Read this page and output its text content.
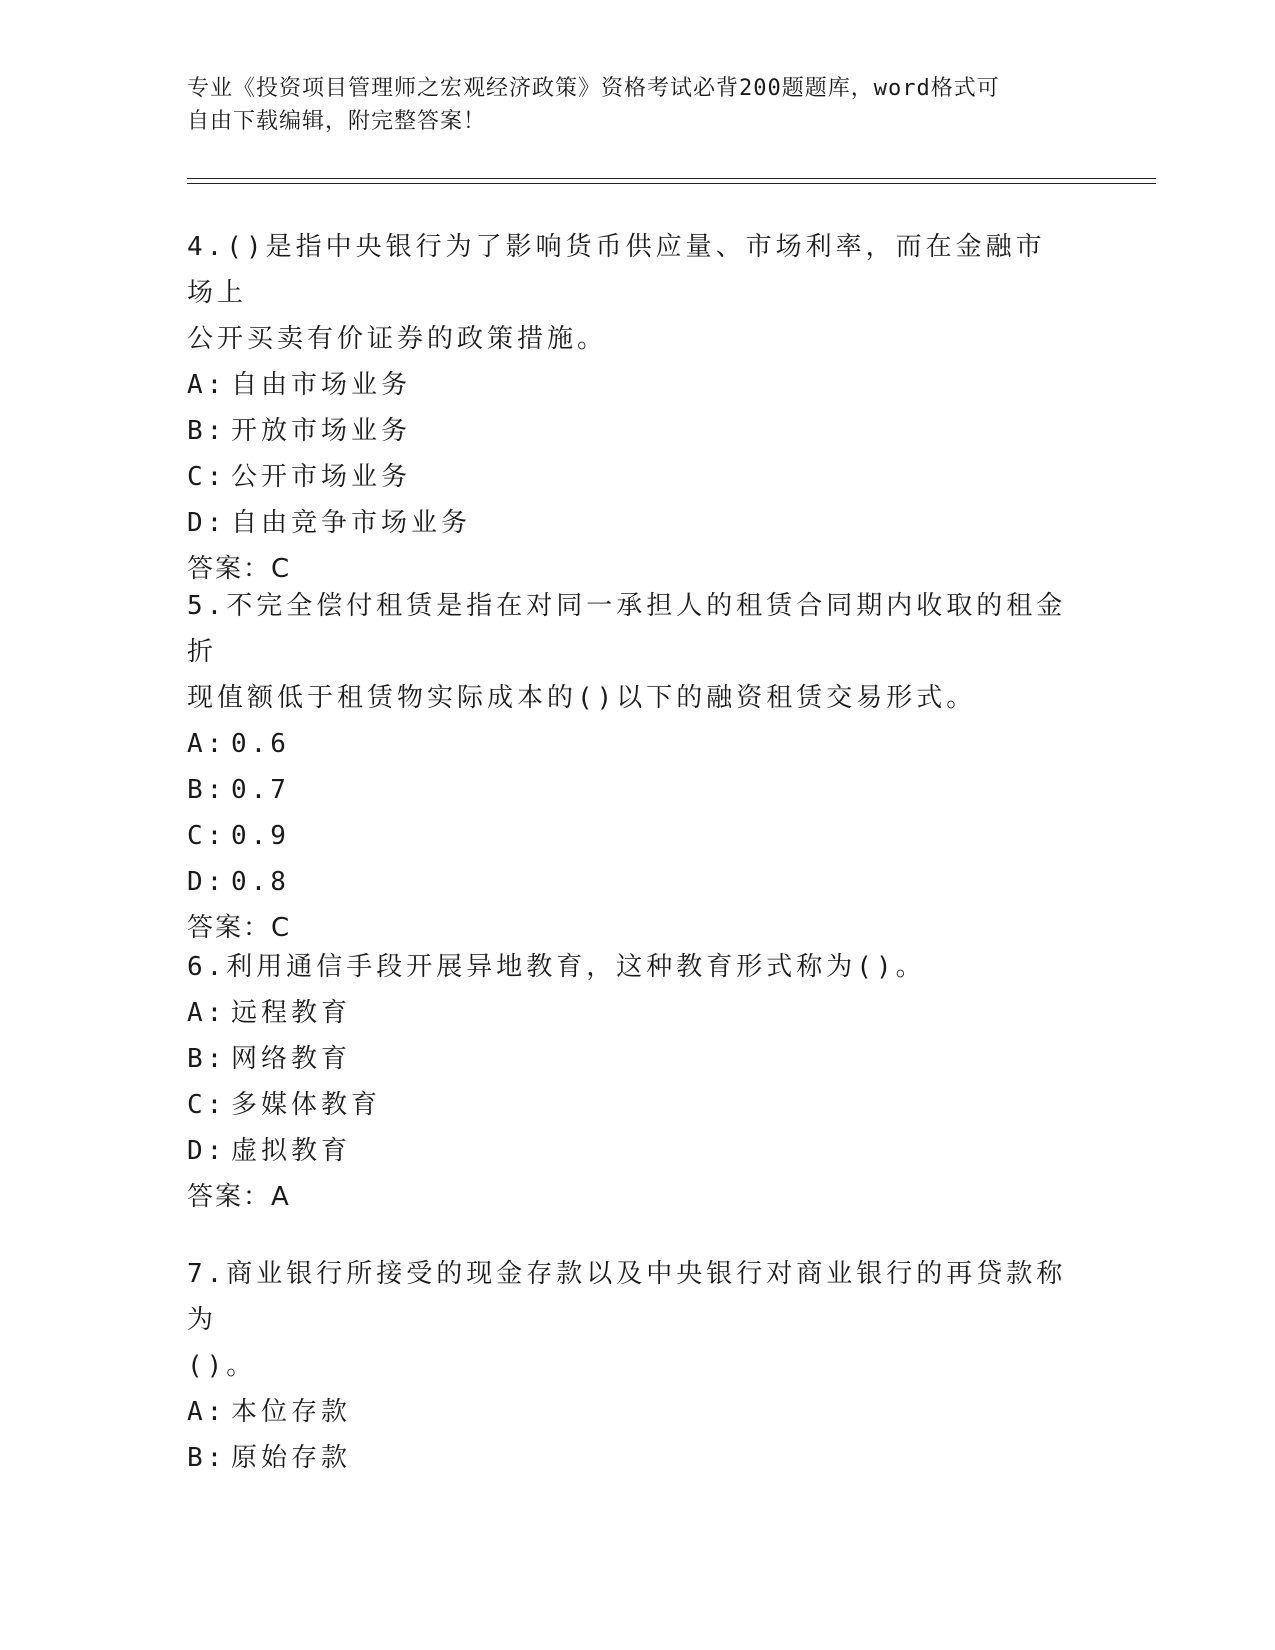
专业《投资项目管理师之宏观经济政策》资格考试必背200题题库，word格式可
自由下载编辑，附完整答案！
4.()是指中央银行为了影响货币供应量、市场利率，而在金融市场上
公开买卖有价证券的政策措施。
A: 自由市场业务
B: 开放市场业务
C: 公开市场业务
D: 自由竞争市场业务
答案：C
5.不完全偿付租赁是指在对同一承担人的租赁合同期内收取的租金折
现值额低于租赁物实际成本的()以下的融资租赁交易形式。
A: 0.6
B: 0.7
C: 0.9
D: 0.8
答案：C
6.利用通信手段开展异地教育，这种教育形式称为()。
A: 远程教育
B: 网络教育
C: 多媒体教育
D: 虚拟教育
答案：A
7.商业银行所接受的现金存款以及中央银行对商业银行的再贷款称为
()。
A: 本位存款
B: 原始存款
